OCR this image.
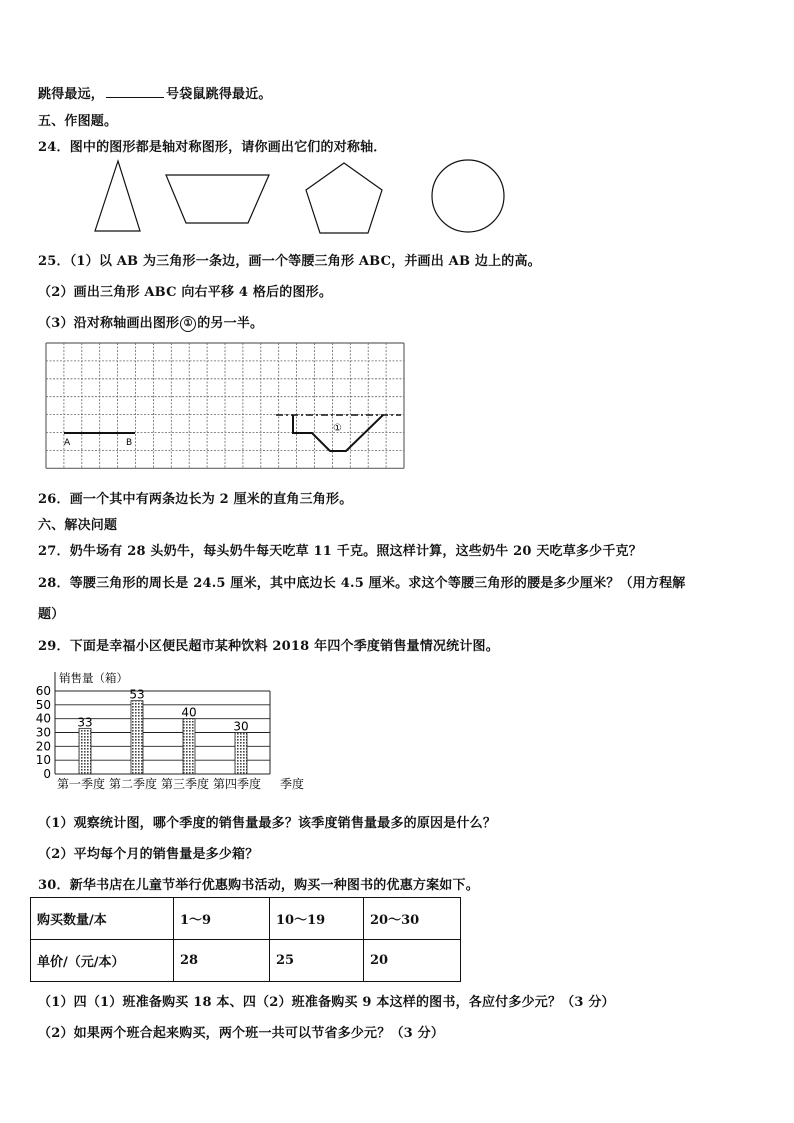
跳得最远，	号袋鼠跳得最近。
五、作图题。
24．图中的图形都是轴对称图形，请你画出它们的对称轴．
25．（1）以 AB 为三角形一条边，画一个等腰三角形 ABC，并画出 AB 边上的高。
（2）画出三角形 ABC 向右平移 4 格后的图形。
（3）沿对称轴画出图形 ① 的另一半。
A	B
①
26．画一个其中有两条边长为 2 厘米的直角三角形。
六、解决问题
27．奶牛场有 28 头奶牛，每头奶牛每天吃草 11 千克。照这样计算，这些奶牛 20 天吃草多少千克？
28．等腰三角形的周长是 24.5 厘米，其中底边长 4.5 厘米。求这个等腰三角形的腰是多少厘米？（用方程解
题）
29．下面是幸福小区便民超市某种饮料 2018 年四个季度销售量情况统计图。
销售量（箱）
0
10
20
30
40
50
60
33
53
40
30
第一季度 第二季度 第三季度 第四季度 季度
（1）观察统计图，哪个季度的销售量最多？该季度销售量最多的原因是什么？
（2）平均每个月的销售量是多少箱？
30．新华书店在儿童节举行优惠购书活动，购买一种图书的优惠方案如下。
购买数量/本	1～9	10～19	20～30
单价/（元/本）	28	25	20
（1）四（1）班准备购买 18 本、四（2）班准备购买 9 本这样的图书，各应付多少元？（3 分）
（2）如果两个班合起来购买，两个班一共可以节省多少元？（3 分）
